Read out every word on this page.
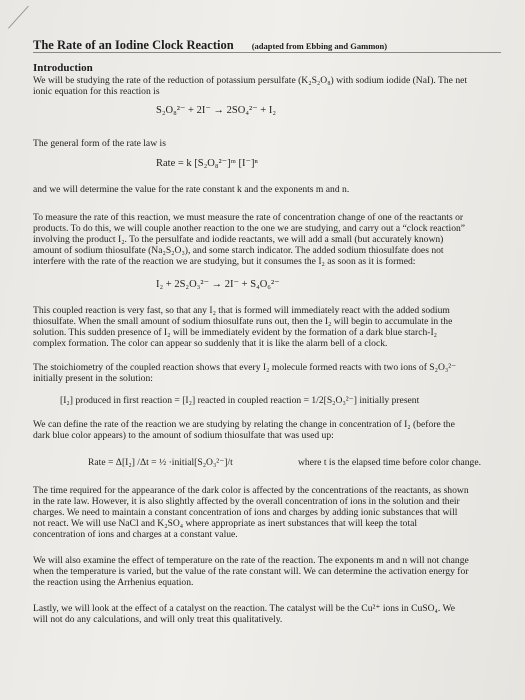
The Rate of an Iodine Clock Reaction (adapted from Ebbing and Gammon)
Introduction
We will be studying the rate of the reduction of potassium persulfate (K₂S₂O₈) with sodium iodide (NaI). The net
ionic equation for this reaction is
S₂O₈²⁻ + 2I⁻ → 2SO₄²⁻ + I₂
The general form of the rate law is
Rate = k [S₂O₈²⁻]ᵐ [I⁻]ⁿ
and we will determine the value for the rate constant k and the exponents m and n.
To measure the rate of this reaction, we must measure the rate of concentration change of one of the reactants or
products. To do this, we will couple another reaction to the one we are studying, and carry out a “clock reaction”
involving the product I₂. To the persulfate and iodide reactants, we will add a small (but accurately known)
amount of sodium thiosulfate (Na₂S₂O₃), and some starch indicator. The added sodium thiosulfate does not
interfere with the rate of the reaction we are studying, but it consumes the I₂ as soon as it is formed:
I₂ + 2S₂O₃²⁻ → 2I⁻ + S₄O₆²⁻
This coupled reaction is very fast, so that any I₂ that is formed will immediately react with the added sodium
thiosulfate. When the small amount of sodium thiosulfate runs out, then the I₂ will begin to accumulate in the
solution. This sudden presence of I₂ will be immediately evident by the formation of a dark blue starch-I₂
complex formation. The color can appear so suddenly that it is like the alarm bell of a clock.
The stoichiometry of the coupled reaction shows that every I₂ molecule formed reacts with two ions of S₂O₃²⁻
initially present in the solution:
[I₂] produced in first reaction = [I₂] reacted in coupled reaction = 1/2[S₂O₃²⁻] initially present
We can define the rate of the reaction we are studying by relating the change in concentration of I₂ (before the
dark blue color appears) to the amount of sodium thiosulfate that was used up:
Rate = Δ[I₂] /Δt = ½ ·initial[S₂O₃²⁻]/t	where t is the elapsed time before color change.
The time required for the appearance of the dark color is affected by the concentrations of the reactants, as shown
in the rate law. However, it is also slightly affected by the overall concentration of ions in the solution and their
charges. We need to maintain a constant concentration of ions and charges by adding ionic substances that will
not react. We will use NaCl and K₂SO₄ where appropriate as inert substances that will keep the total
concentration of ions and charges at a constant value.
We will also examine the effect of temperature on the rate of the reaction. The exponents m and n will not change
when the temperature is varied, but the value of the rate constant will. We can determine the activation energy for
the reaction using the Arrhenius equation.
Lastly, we will look at the effect of a catalyst on the reaction. The catalyst will be the Cu²⁺ ions in CuSO₄. We
will not do any calculations, and will only treat this qualitatively.
